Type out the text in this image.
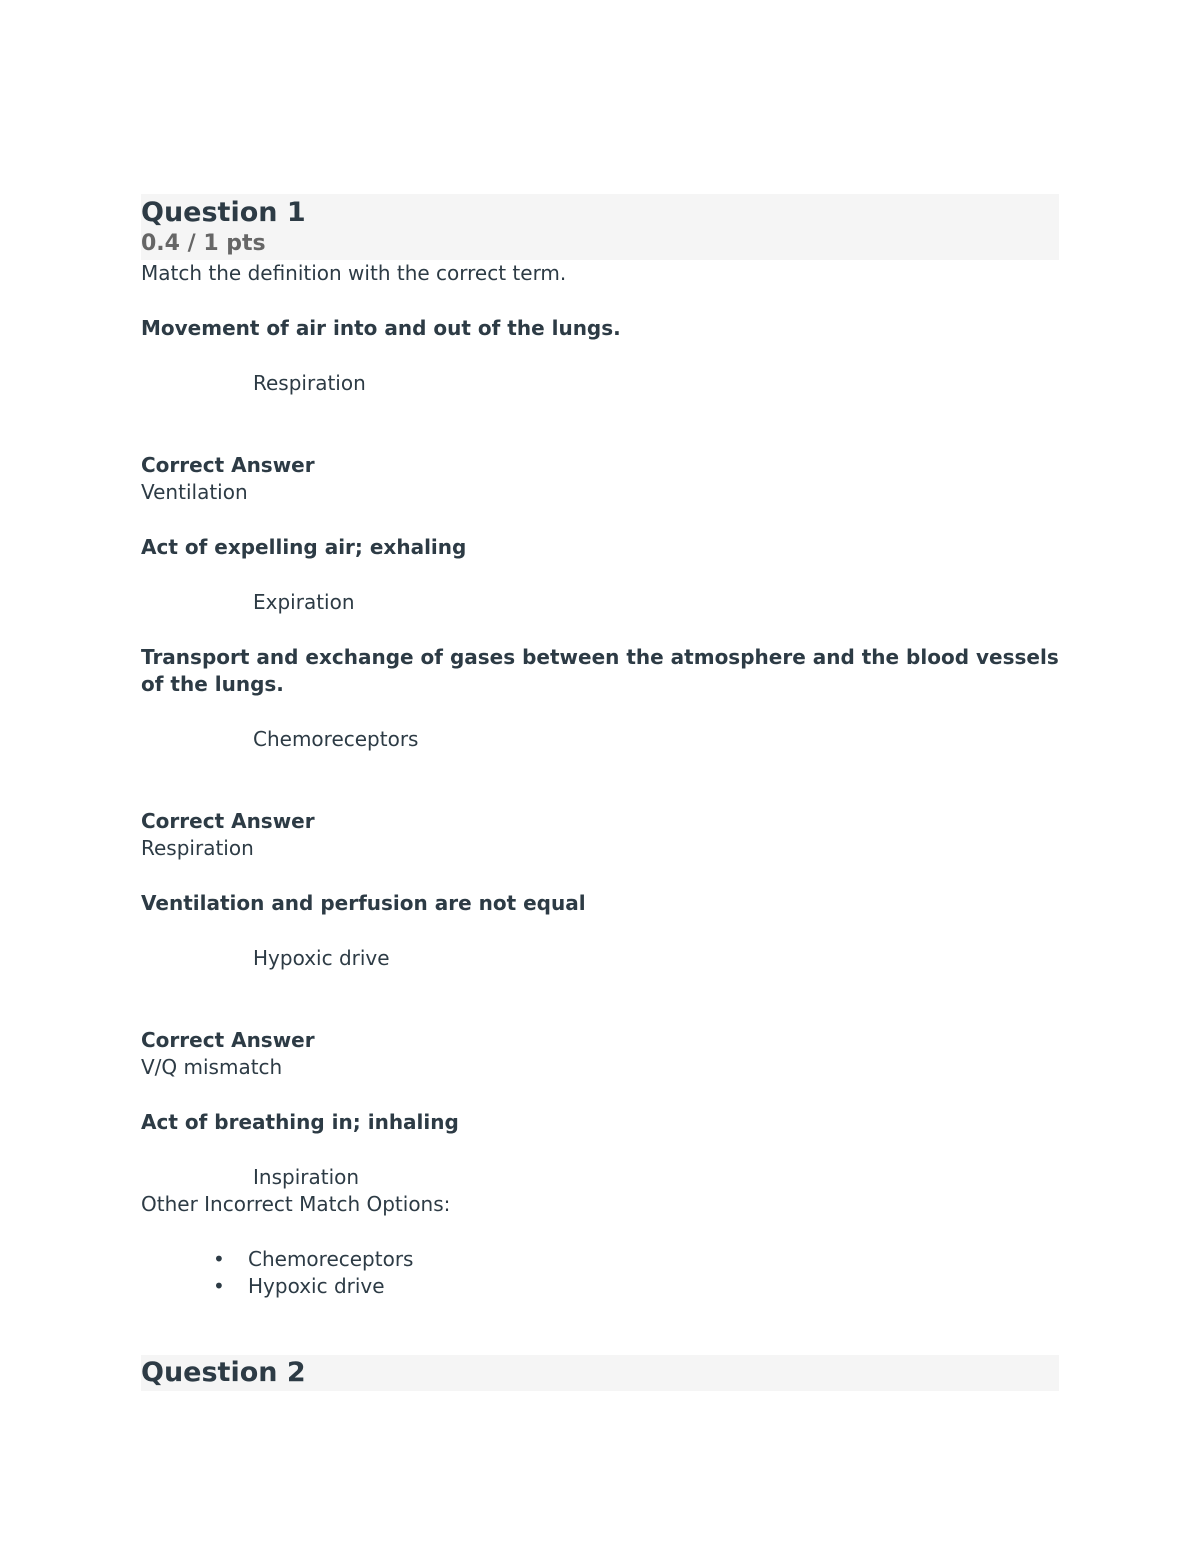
Question 1
0.4 / 1 pts
Match the definition with the correct term.
Movement of air into and out of the lungs.
Respiration
Correct Answer
Ventilation
Act of expelling air; exhaling
Expiration
Transport and exchange of gases between the atmosphere and the blood vessels of the lungs.
Chemoreceptors
Correct Answer
Respiration
Ventilation and perfusion are not equal
Hypoxic drive
Correct Answer
V/Q mismatch
Act of breathing in; inhaling
Inspiration
Other Incorrect Match Options:
• Chemoreceptors
• Hypoxic drive
Question 2
